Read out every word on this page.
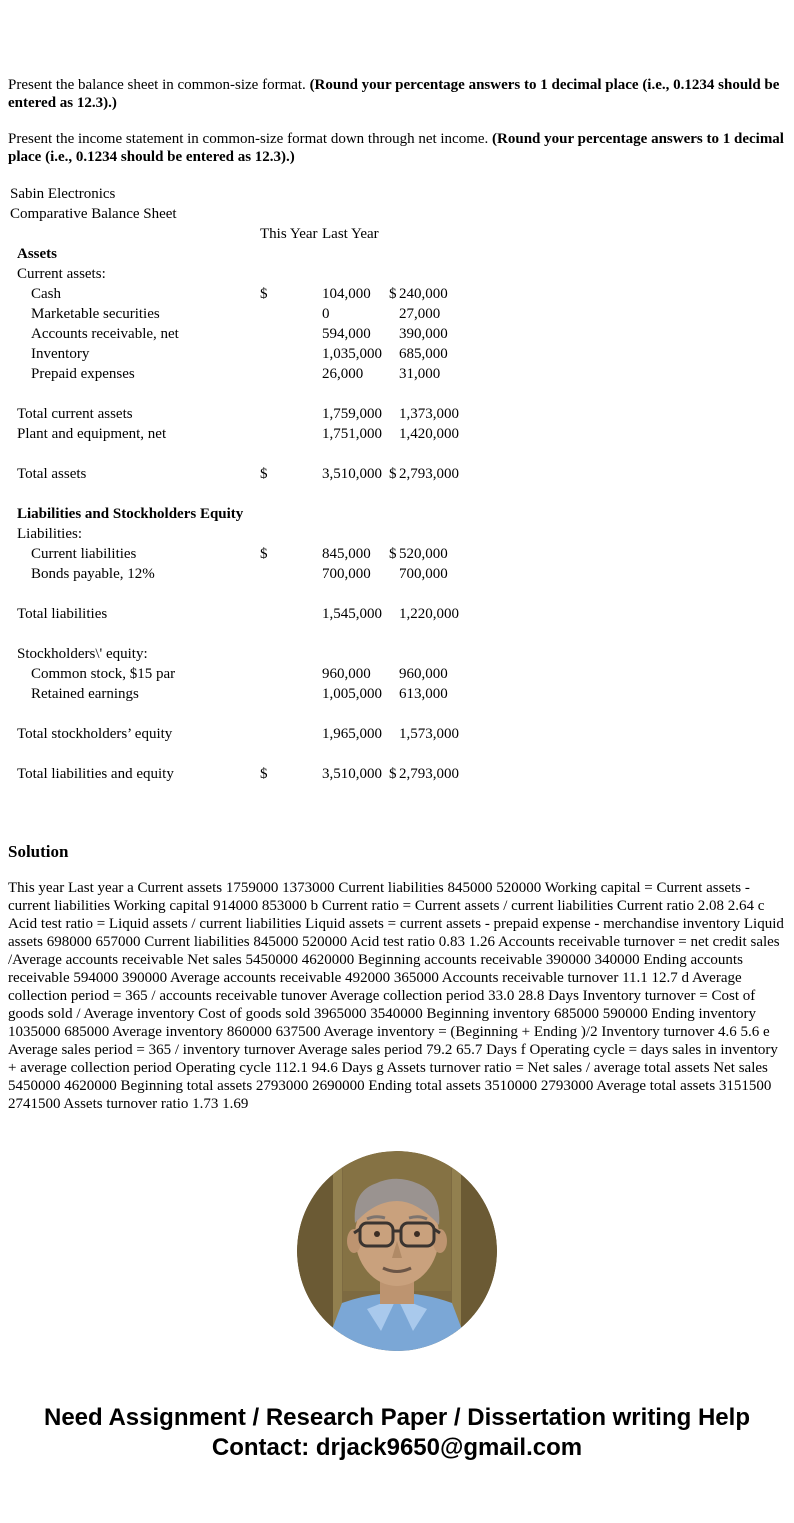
Present the balance sheet in common-size format. (Round your percentage answers to 1 decimal place (i.e., 0.1234 should be entered as 12.3).)

Present the income statement in common-size format down through net income. (Round your percentage answers to 1 decimal place (i.e., 0.1234 should be entered as 12.3).)

Sabin Electronics
Comparative Balance Sheet
This Year Last Year
Assets
Current assets:
Cash	$	104,000	$ 240,000
Marketable securities	0	27,000
Accounts receivable, net	594,000	390,000
Inventory	1,035,000	685,000
Prepaid expenses	26,000	31,000
Total current assets	1,759,000	1,373,000
Plant and equipment, net	1,751,000	1,420,000
Total assets	$	3,510,000 $ 2,793,000
Liabilities and Stockholders Equity
Liabilities:
Current liabilities	$	845,000	$ 520,000
Bonds payable, 12%	700,000	700,000
Total liabilities	1,545,000	1,220,000
Stockholders\' equity:
Common stock, $15 par	960,000	960,000
Retained earnings	1,005,000	613,000
Total stockholders’ equity	1,965,000	1,573,000
Total liabilities and equity	$	3,510,000 $ 2,793,000
Solution

This year Last year a Current assets 1759000 1373000 Current liabilities 845000 520000 Working capital = Current assets - current liabilities Working capital 914000 853000 b Current ratio = Current assets / current liabilities Current ratio 2.08 2.64 c Acid test ratio = Liquid assets / current liabilities Liquid assets = current assets - prepaid expense - merchandise inventory Liquid assets 698000 657000 Current liabilities 845000 520000 Acid test ratio 0.83 1.26 Accounts receivable turnover = net credit sales /Average accounts receivable Net sales 5450000 4620000 Beginning accounts receivable 390000 340000 Ending accounts receivable 594000 390000 Average accounts receivable 492000 365000 Accounts receivable turnover 11.1 12.7 d Average collection period = 365 / accounts receivable tunover Average collection period 33.0 28.8 Days Inventory turnover = Cost of goods sold / Average inventory Cost of goods sold 3965000 3540000 Beginning inventory 685000 590000 Ending inventory 1035000 685000 Average inventory 860000 637500 Average inventory = (Beginning + Ending )/2 Inventory turnover 4.6 5.6 e Average sales period = 365 / inventory turnover Average sales period 79.2 65.7 Days f Operating cycle = days sales in inventory + average collection period Operating cycle 112.1 94.6 Days g Assets turnover ratio = Net sales / average total assets Net sales 5450000 4620000 Beginning total assets 2793000 2690000 Ending total assets 3510000 2793000 Average total assets 3151500 2741500 Assets turnover ratio 1.73 1.69

Need Assignment / Research Paper / Dissertation writing Help
Contact: drjack9650@gmail.com
